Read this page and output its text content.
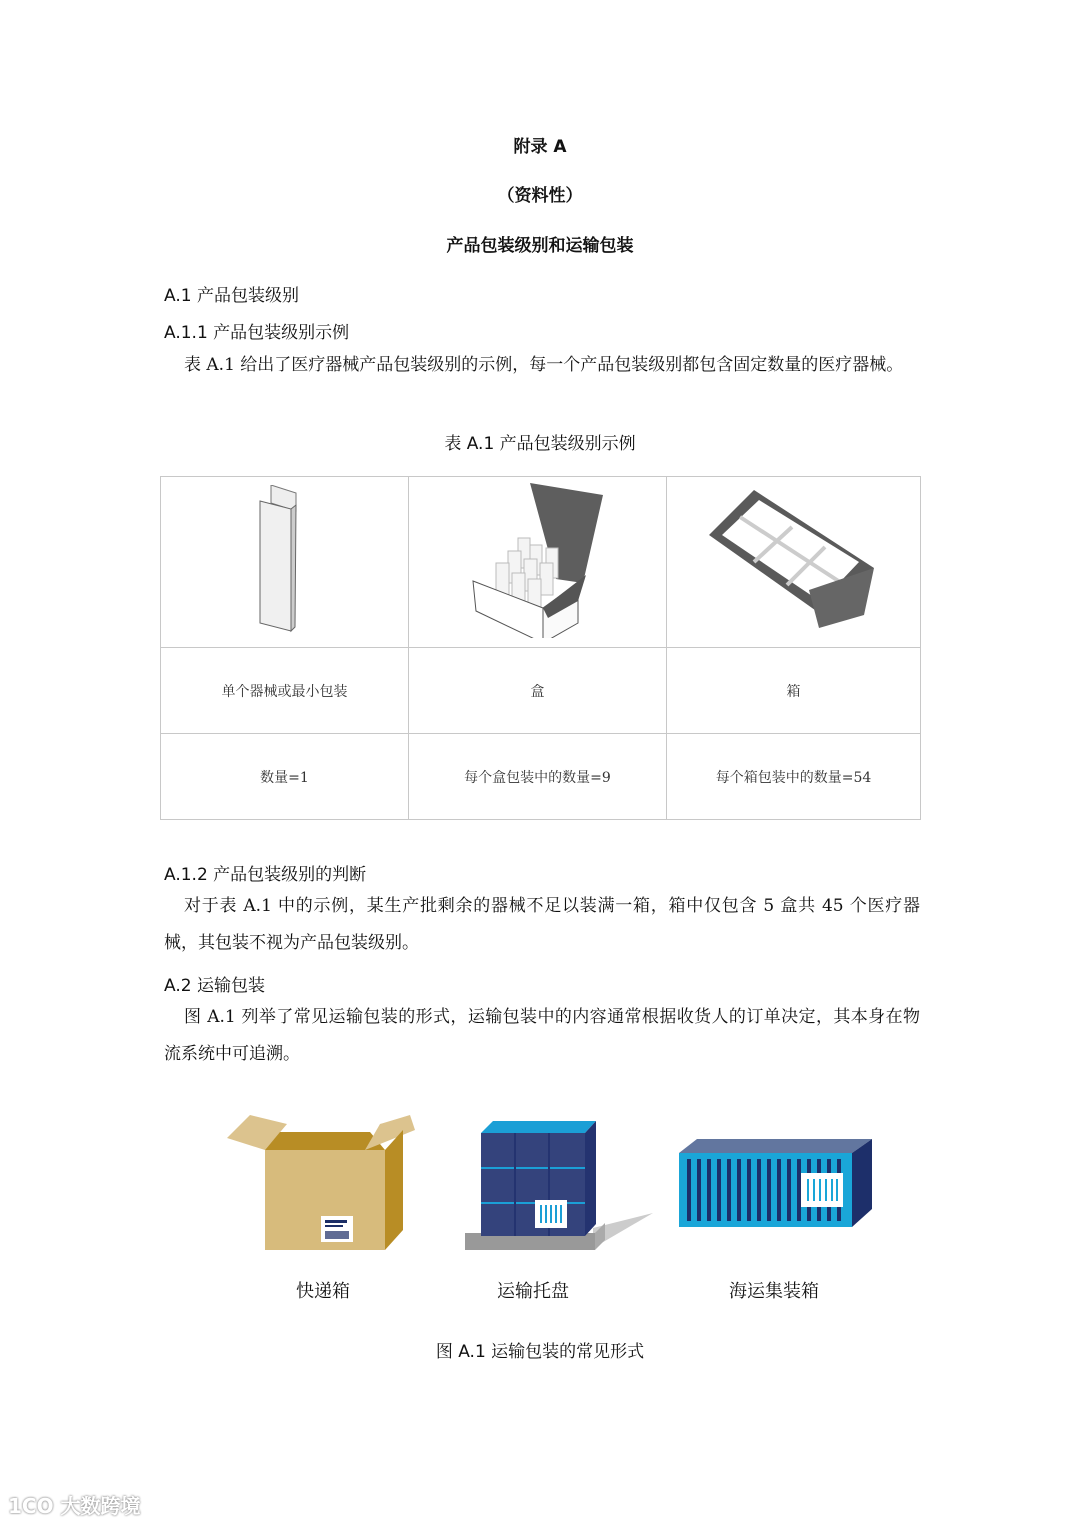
附录 A
（资料性）
产品包装级别和运输包装
A.1 产品包装级别
A.1.1 产品包装级别示例
表 A.1 给出了医疗器械产品包装级别的示例，每一个产品包装级别都包含固定数量的医疗器械。
表 A.1 产品包装级别示例

单个器械或最小包装	盒	箱
数量=1	每个盒包装中的数量=9	每个箱包装中的数量=54
A.1.2 产品包装级别的判断
对于表 A.1 中的示例，某生产批剩余的器械不足以装满一箱，箱中仅包含 5 盒共 45 个医疗器械，其包装不视为产品包装级别。
A.2 运输包装
图 A.1 列举了常见运输包装的形式，运输包装中的内容通常根据收货人的订单决定，其本身在物流系统中可追溯。
快递箱	运输托盘	海运集装箱
图 A.1 运输包装的常见形式
1CO 大数跨境
